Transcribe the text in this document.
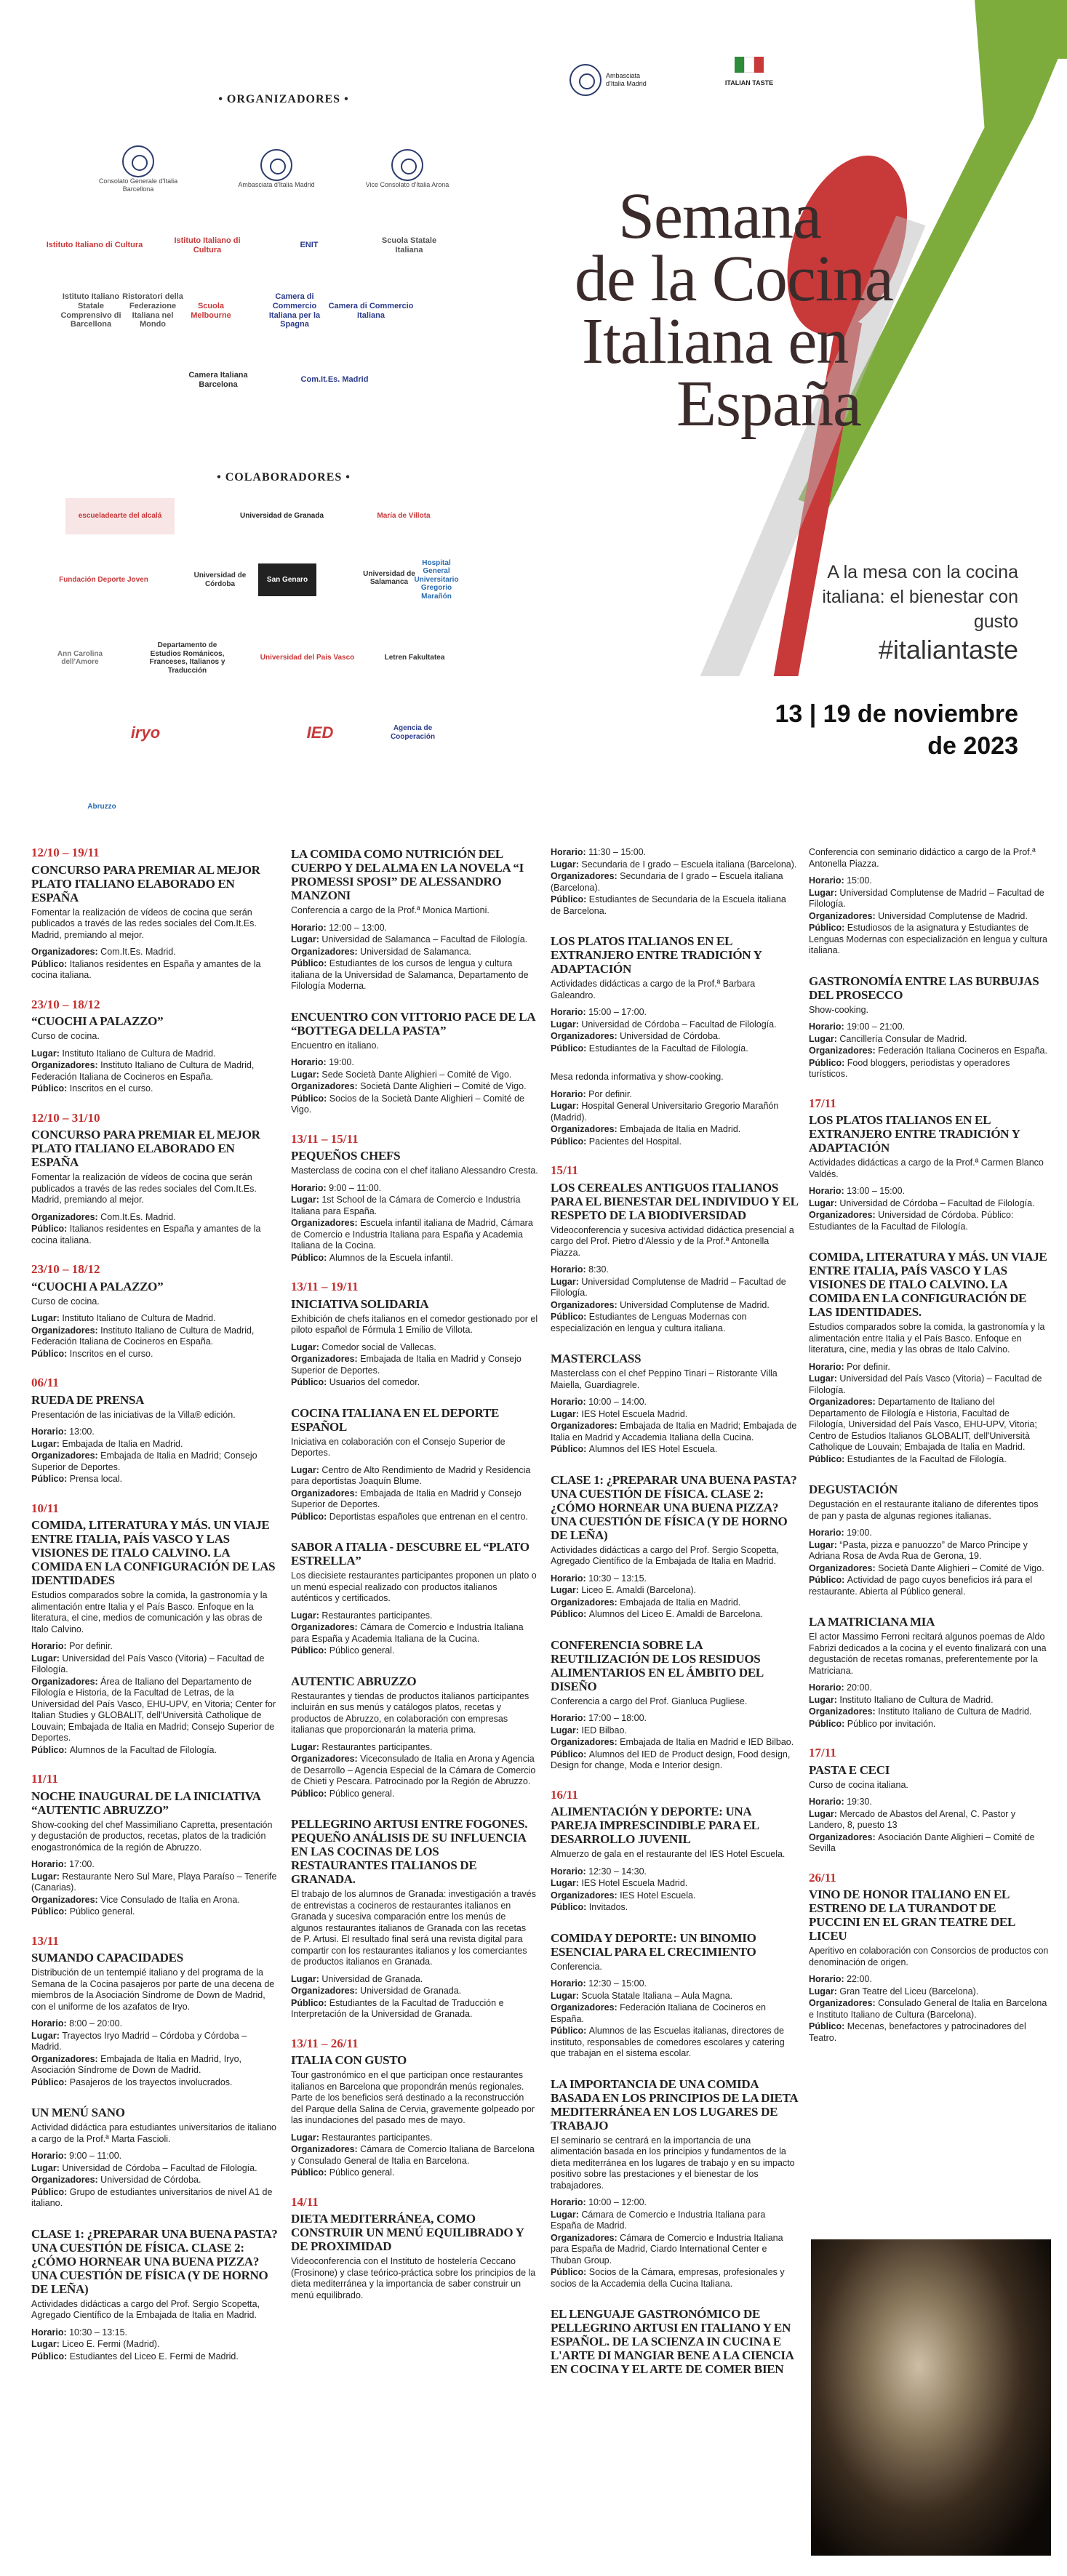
• ORGANIZADORES •
• COLABORADORES •
Consolato Generale d'Italia Barcellona
Ambasciata d'Italia Madrid	Vice Consolato d'Italia Arona
Istituto Italiano di Cultura
Istituto Italiano di Cultura
ENIT
Scuola Statale Italiana
Istituto Italiano Statale Comprensivo di Barcellona
Ristoratori della Federazione Italiana nel Mondo
Scuola Melbourne
Camera di Commercio Italiana per la Spagna
Camera di Commercio Italiana
Camera Italiana Barcelona
Com.It.Es. Madrid
escueladearte del alcalá	Universidad de Granada	María de Villota
Fundación Deporte Joven
Universidad de Córdoba
San Genaro
Universidad de Salamanca
Hospital General Universitario Gregorio Marañón
Ann Carolina dell'Amore
Departamento de Estudios Románicos, Franceses, Italianos y Traducción
Universidad del País Vasco	Letren Fakultatea
iryo	IED	Agencia de Cooperación
Abruzzo
Ambasciata d'Italia Madrid	ITALIAN TASTE
Semana
de la Cocina
Italiana en
España
A la mesa con la cocina
italiana: el bienestar con gusto
#italiantaste
13 | 19 de noviembre
de 2023
12/10 – 19/11
CONCURSO PARA PREMIAR AL MEJOR PLATO ITALIANO ELABORADO EN ESPAÑA
Fomentar la realización de vídeos de cocina que serán publicados a través de las redes sociales del Com.It.Es. Madrid, premiando al mejor.

Organizadores: Com.It.Es. Madrid.

Público: Italianos residentes en España y amantes de la cocina italiana.

23/10 – 18/12
“CUOCHI A PALAZZO”
Curso de cocina.

Lugar: Instituto Italiano de Cultura de Madrid.

Organizadores: Instituto Italiano de Cultura de Madrid, Federación Italiana de Cocineros en España.

Público: Inscritos en el curso.

12/10 – 31/10
CONCURSO PARA PREMIAR EL MEJOR PLATO ITALIANO ELABORADO EN ESPAÑA
Fomentar la realización de vídeos de cocina que serán publicados a través de las redes sociales del Com.It.Es. Madrid, premiando al mejor.

Organizadores: Com.It.Es. Madrid.

Público: Italianos residentes en España y amantes de la cocina italiana.

23/10 – 18/12
“CUOCHI A PALAZZO”
Curso de cocina.

Lugar: Instituto Italiano de Cultura de Madrid.

Organizadores: Instituto Italiano de Cultura de Madrid, Federación Italiana de Cocineros en España.

Público: Inscritos en el curso.

06/11
RUEDA DE PRENSA
Presentación de las iniciativas de la Villa® edición.

Horario: 13:00.

Lugar: Embajada de Italia en Madrid.

Organizadores: Embajada de Italia en Madrid; Consejo Superior de Deportes.

Público: Prensa local.

10/11
COMIDA, LITERATURA Y MÁS. UN VIAJE ENTRE ITALIA, PAÍS VASCO Y LAS VISIONES DE ITALO CALVINO. LA COMIDA EN LA CONFIGURACIÓN DE LAS IDENTIDADES
Estudios comparados sobre la comida, la gastronomía y la alimentación entre Italia y el País Basco. Enfoque en la literatura, el cine, medios de comunicación y las obras de Italo Calvino.

Horario: Por definir.

Lugar: Universidad del País Vasco (Vitoria) – Facultad de Filología.

Organizadores: Área de Italiano del Departamento de Filología e Historia, de la Facultad de Letras, de la Universidad del País Vasco, EHU-UPV, en Vitoria; Center for Italian Studies y GLOBALIT, dell'Università Catholique de Louvain; Embajada de Italia en Madrid; Consejo Superior de Deportes.

Público: Alumnos de la Facultad de Filología.

11/11
NOCHE INAUGURAL DE LA INICIATIVA “AUTENTIC ABRUZZO”
Show-cooking del chef Massimiliano Capretta, presentación y degustación de productos, recetas, platos de la tradición enogastronómica de la región de Abruzzo.

Horario: 17:00.

Lugar: Restaurante Nero Sul Mare, Playa Paraíso – Tenerife (Canarias).

Organizadores: Vice Consulado de Italia en Arona.

Público: Público general.

13/11
SUMANDO CAPACIDADES
Distribución de un tentempié italiano y del programa de la Semana de la Cocina pasajeros por parte de una decena de miembros de la Asociación Síndrome de Down de Madrid, con el uniforme de los azafatos de Iryo.

Horario: 8:00 – 20:00.

Lugar: Trayectos Iryo Madrid – Córdoba y Córdoba – Madrid.

Organizadores: Embajada de Italia en Madrid, Iryo, Asociación Síndrome de Down de Madrid.

Público: Pasajeros de los trayectos involucrados.

UN MENÚ SANO
Actividad didáctica para estudiantes universitarios de italiano a cargo de la Prof.ª Marta Fascioli.

Horario: 9:00 – 11:00.

Lugar: Universidad de Córdoba – Facultad de Filología.

Organizadores: Universidad de Córdoba.

Público: Grupo de estudiantes universitarios de nivel A1 de italiano.

CLASE 1: ¿PREPARAR UNA BUENA PASTA? UNA CUESTIÓN DE FÍSICA. CLASE 2: ¿CÓMO HORNEAR UNA BUENA PIZZA? UNA CUESTIÓN DE FÍSICA (Y DE HORNO DE LEÑA)
Actividades didácticas a cargo del Prof. Sergio Scopetta, Agregado Científico de la Embajada de Italia en Madrid.

Horario: 10:30 – 13:15.

Lugar: Liceo E. Fermi (Madrid).

Público: Estudiantes del Liceo E. Fermi de Madrid.

LA COMIDA COMO NUTRICIÓN DEL CUERPO Y DEL ALMA EN LA NOVELA “I PROMESSI SPOSI” DE ALESSANDRO MANZONI
Conferencia a cargo de la Prof.ª Monica Martioni.

Horario: 12:00 – 13:00.

Lugar: Universidad de Salamanca – Facultad de Filología.

Organizadores: Universidad de Salamanca.

Público: Estudiantes de los cursos de lengua y cultura italiana de la Universidad de Salamanca, Departamento de Filología Moderna.

ENCUENTRO CON VITTORIO PACE DE LA “BOTTEGA DELLA PASTA”
Encuentro en italiano.

Horario: 19:00.

Lugar: Sede Società Dante Alighieri – Comité de Vigo.

Organizadores: Società Dante Alighieri – Comité de Vigo.

Público: Socios de la Società Dante Alighieri – Comité de Vigo.

13/11 – 15/11
PEQUEÑOS CHEFS
Masterclass de cocina con el chef italiano Alessandro Cresta.

Horario: 9:00 – 11:00.

Lugar: 1st School de la Cámara de Comercio e Industria Italiana para España.

Organizadores: Escuela infantil italiana de Madrid, Cámara de Comercio e Industria Italiana para España y Academia Italiana de la Cocina.

Público: Alumnos de la Escuela infantil.

13/11 – 19/11
INICIATIVA SOLIDARIA
Exhibición de chefs italianos en el comedor gestionado por el piloto español de Fórmula 1 Emilio de Villota.

Lugar: Comedor social de Vallecas.

Organizadores: Embajada de Italia en Madrid y Consejo Superior de Deportes.

Público: Usuarios del comedor.

COCINA ITALIANA EN EL DEPORTE ESPAÑOL
Iniciativa en colaboración con el Consejo Superior de Deportes.

Lugar: Centro de Alto Rendimiento de Madrid y Residencia para deportistas Joaquín Blume.

Organizadores: Embajada de Italia en Madrid y Consejo Superior de Deportes.

Público: Deportistas españoles que entrenan en el centro.

SABOR A ITALIA - DESCUBRE EL “PLATO ESTRELLA”
Los diecisiete restaurantes participantes proponen un plato o un menú especial realizado con productos italianos auténticos y certificados.

Lugar: Restaurantes participantes.

Organizadores: Cámara de Comercio e Industria Italiana para España y Academia Italiana de la Cucina.

Público: Público general.

AUTENTIC ABRUZZO
Restaurantes y tiendas de productos italianos participantes incluirán en sus menús y catálogos platos, recetas y productos de Abruzzo, en colaboración con empresas italianas que proporcionarán la materia prima.

Lugar: Restaurantes participantes.

Organizadores: Viceconsulado de Italia en Arona y Agencia de Desarrollo – Agencia Especial de la Cámara de Comercio de Chieti y Pescara. Patrocinado por la Región de Abruzzo.

Público: Público general.

PELLEGRINO ARTUSI ENTRE FOGONES. PEQUEÑO ANÁLISIS DE SU INFLUENCIA EN LAS COCINAS DE LOS RESTAURANTES ITALIANOS DE GRANADA.
El trabajo de los alumnos de Granada: investigación a través de entrevistas a cocineros de restaurantes italianos en Granada y sucesiva comparación entre los menús de algunos restaurantes italianos de Granada con las recetas de P. Artusi. El resultado final será una revista digital para compartir con los restaurantes italianos y los comerciantes de productos italianos en Granada.

Lugar: Universidad de Granada.

Organizadores: Universidad de Granada.

Público: Estudiantes de la Facultad de Traducción e Interpretación de la Universidad de Granada.

13/11 – 26/11
ITALIA CON GUSTO
Tour gastronómico en el que participan once restaurantes italianos en Barcelona que propondrán menús regionales. Parte de los beneficios será destinado a la reconstrucción del Parque della Salina de Cervia, gravemente golpeado por las inundaciones del pasado mes de mayo.

Lugar: Restaurantes participantes.

Organizadores: Cámara de Comercio Italiana de Barcelona y Consulado General de Italia en Barcelona.

Público: Público general.

14/11
DIETA MEDITERRÁNEA, COMO CONSTRUIR UN MENÚ EQUILIBRADO Y DE PROXIMIDAD
Videoconferencia con el Instituto de hostelería Ceccano (Frosinone) y clase teórico-práctica sobre los principios de la dieta mediterránea y la importancia de saber construir un menú equilibrado.

Horario: 11:30 – 15:00.

Lugar: Secundaria de I grado – Escuela italiana (Barcelona).

Organizadores: Secundaria de I grado – Escuela italiana (Barcelona).

Público: Estudiantes de Secundaria de la Escuela italiana de Barcelona.

LOS PLATOS ITALIANOS EN EL EXTRANJERO ENTRE TRADICIÓN Y ADAPTACIÓN
Actividades didácticas a cargo de la Prof.ª Barbara Galeandro.

Horario: 15:00 – 17:00.

Lugar: Universidad de Córdoba – Facultad de Filología.

Organizadores: Universidad de Córdoba.

Público: Estudiantes de la Facultad de Filología.

Mesa redonda informativa y show-cooking.

Horario: Por definir.

Lugar: Hospital General Universitario Gregorio Marañón (Madrid).

Organizadores: Embajada de Italia en Madrid.

Público: Pacientes del Hospital.

15/11
LOS CEREALES ANTIGUOS ITALIANOS PARA EL BIENESTAR DEL INDIVIDUO Y EL RESPETO DE LA BIODIVERSIDAD
Videoconferencia y sucesiva actividad didáctica presencial a cargo del Prof. Pietro d'Alessio y de la Prof.ª Antonella Piazza.

Horario: 8:30.

Lugar: Universidad Complutense de Madrid – Facultad de Filología.

Organizadores: Universidad Complutense de Madrid.

Público: Estudiantes de Lenguas Modernas con especialización en lengua y cultura italiana.

MASTERCLASS
Masterclass con el chef Peppino Tinari – Ristorante Villa Maiella, Guardiagrele.

Horario: 10:00 – 14:00.

Lugar: IES Hotel Escuela Madrid.

Organizadores: Embajada de Italia en Madrid; Embajada de Italia en Madrid y Accademia Italiana della Cucina.

Público: Alumnos del IES Hotel Escuela.

CLASE 1: ¿PREPARAR UNA BUENA PASTA? UNA CUESTIÓN DE FÍSICA. CLASE 2: ¿CÓMO HORNEAR UNA BUENA PIZZA? UNA CUESTIÓN DE FÍSICA (Y DE HORNO DE LEÑA)
Actividades didácticas a cargo del Prof. Sergio Scopetta, Agregado Científico de la Embajada de Italia en Madrid.

Horario: 10:30 – 13:15.

Lugar: Liceo E. Amaldi (Barcelona).

Organizadores: Embajada de Italia en Madrid.

Público: Alumnos del Liceo E. Amaldi de Barcelona.

CONFERENCIA SOBRE LA REUTILIZACIÓN DE LOS RESIDUOS ALIMENTARIOS EN EL ÁMBITO DEL DISEÑO
Conferencia a cargo del Prof. Gianluca Pugliese.

Horario: 17:00 – 18:00.

Lugar: IED Bilbao.

Organizadores: Embajada de Italia en Madrid e IED Bilbao.

Público: Alumnos del IED de Product design, Food design, Design for change, Moda e Interior design.

16/11
ALIMENTACIÓN Y DEPORTE: UNA PAREJA IMPRESCINDIBLE PARA EL DESARROLLO JUVENIL
Almuerzo de gala en el restaurante del IES Hotel Escuela.

Horario: 12:30 – 14:30.

Lugar: IES Hotel Escuela Madrid.

Organizadores: IES Hotel Escuela.

Público: Invitados.

COMIDA Y DEPORTE: UN BINOMIO ESENCIAL PARA EL CRECIMIENTO
Conferencia.

Horario: 12:30 – 15:00.

Lugar: Scuola Statale Italiana – Aula Magna.

Organizadores: Federación Italiana de Cocineros en España.

Público: Alumnos de las Escuelas italianas, directores de instituto, responsables de comedores escolares y catering que trabajan en el sistema escolar.

LA IMPORTANCIA DE UNA COMIDA BASADA EN LOS PRINCIPIOS DE LA DIETA MEDITERRÁNEA EN LOS LUGARES DE TRABAJO
El seminario se centrará en la importancia de una alimentación basada en los principios y fundamentos de la dieta mediterránea en los lugares de trabajo y en su impacto positivo sobre las prestaciones y el bienestar de los trabajadores.

Horario: 10:00 – 12:00.

Lugar: Cámara de Comercio e Industria Italiana para España de Madrid.

Organizadores: Cámara de Comercio e Industria Italiana para España de Madrid, Ciardo International Center e Thuban Group.

Público: Socios de la Cámara, empresas, profesionales y socios de la Accademia della Cucina Italiana.

EL LENGUAJE GASTRONÓMICO DE PELLEGRINO ARTUSI EN ITALIANO Y EN ESPAÑOL. DE LA SCIENZA IN CUCINA E L'ARTE DI MANGIAR BENE A LA CIENCIA EN COCINA Y EL ARTE DE COMER BIEN
Conferencia con seminario didáctico a cargo de la Prof.ª Antonella Piazza.

Horario: 15:00.

Lugar: Universidad Complutense de Madrid – Facultad de Filología.

Organizadores: Universidad Complutense de Madrid.

Público: Estudiosos de la asignatura y Estudiantes de Lenguas Modernas con especialización en lengua y cultura italiana.

GASTRONOMÍA ENTRE LAS BURBUJAS DEL PROSECCO
Show-cooking.

Horario: 19:00 – 21:00.

Lugar: Cancillería Consular de Madrid.

Organizadores: Federación Italiana Cocineros en España.

Público: Food bloggers, periodistas y operadores turísticos.

17/11
LOS PLATOS ITALIANOS EN EL EXTRANJERO ENTRE TRADICIÓN Y ADAPTACIÓN
Actividades didácticas a cargo de la Prof.ª Carmen Blanco Valdés.

Horario: 13:00 – 15:00.

Lugar: Universidad de Córdoba – Facultad de Filología.

Organizadores: Universidad de Córdoba. Público: Estudiantes de la Facultad de Filología.

COMIDA, LITERATURA Y MÁS. UN VIAJE ENTRE ITALIA, PAÍS VASCO Y LAS VISIONES DE ITALO CALVINO. LA COMIDA EN LA CONFIGURACIÓN DE LAS IDENTIDADES.
Estudios comparados sobre la comida, la gastronomía y la alimentación entre Italia y el País Basco. Enfoque en literatura, cine, media y las obras de Italo Calvino.

Horario: Por definir.

Lugar: Universidad del País Vasco (Vitoria) – Facultad de Filología.

Organizadores: Departamento de Italiano del Departamento de Filología e Historia, Facultad de Filología, Universidad del País Vasco, EHU-UPV, Vitoria; Centro de Estudios Italianos GLOBALIT, dell'Università Catholique de Louvain; Embajada de Italia en Madrid.

Público: Estudiantes de la Facultad de Filología.

DEGUSTACIÓN
Degustación en el restaurante italiano de diferentes tipos de pan y pasta de algunas regiones italianas.

Horario: 19:00.

Lugar: “Pasta, pizza e panuozzo” de Marco Principe y Adriana Rosa de Avda Rua de Gerona, 19.

Organizadores: Società Dante Alighieri – Comité de Vigo.

Público: Actividad de pago cuyos beneficios irá para el restaurante. Abierta al Público general.

LA MATRICIANA MIA
El actor Massimo Ferroni recitará algunos poemas de Aldo Fabrizi dedicados a la cocina y el evento finalizará con una degustación de recetas romanas, preferentemente por la Matriciana.

Horario: 20:00.

Lugar: Instituto Italiano de Cultura de Madrid.

Organizadores: Instituto Italiano de Cultura de Madrid.

Público: Público por invitación.

17/11
PASTA E CECI
Curso de cocina italiana.

Horario: 19:30.

Lugar: Mercado de Abastos del Arenal, C. Pastor y Landero, 8, puesto 13

Organizadores: Asociación Dante Alighieri – Comité de Sevilla

26/11
VINO DE HONOR ITALIANO EN EL ESTRENO DE LA TURANDOT DE PUCCINI EN EL GRAN TEATRE DEL LICEU
Aperitivo en colaboración con Consorcios de productos con denominación de origen.

Horario: 22:00.

Lugar: Gran Teatre del Liceu (Barcelona).

Organizadores: Consulado General de Italia en Barcelona e Instituto Italiano de Cultura (Barcelona).

Público: Mecenas, benefactores y patrocinadores del Teatro.
